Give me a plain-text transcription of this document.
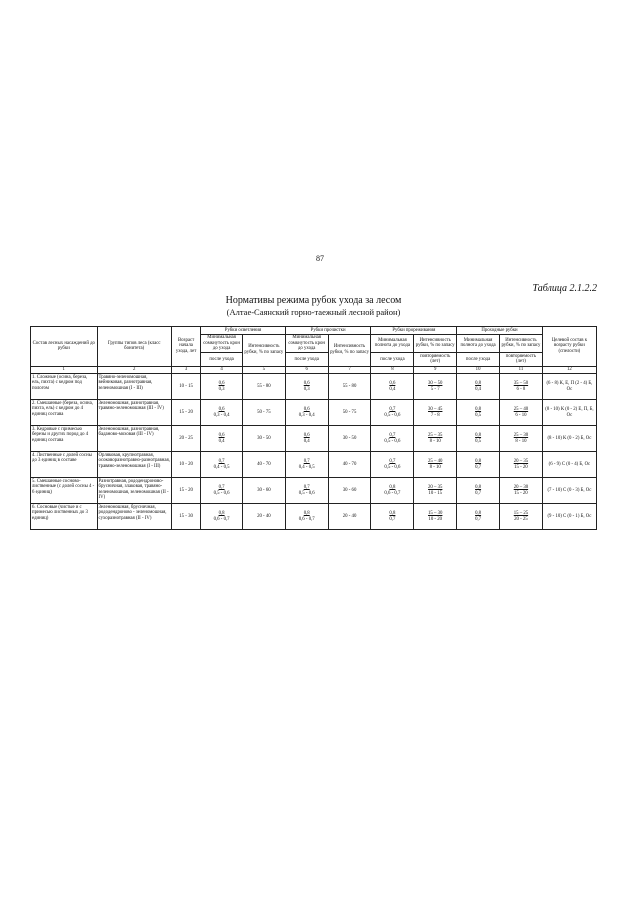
87
Таблица 2.1.2.2
Нормативы режима рубок ухода за лесом
(Алтае-Саянский горно-таежный лесной район)
Состав лесных насаждений до рубки	Группы типов леса (класс бонитета)	Возраст начала ухода, лет	Рубки осветления		Рубки прочистки		Рубки прореживания		Проходные рубки		Целевой состав к возрасту рубки (спелости)
			Минимальная сомкнутость крон до ухода	Интенсивность рубки, % по запасу	Минимальная сомкнутость крон до ухода	Интенсивность рубки, % по запасу	Минимальная полнота до ухода	Интенсивность рубки, % по запасу	Минимальная полнота до ухода	Интенсивность рубки, % по запасу	
			после ухода		после ухода		после ухода	повторяемость (лет)	после ухода	повторяемость (лет)	
1	2	3	4	5	6	7	8	9	10	11	12
1. Сложные (осина, береза, ель, пихта) с кедром под пологом	Травяно-зеленомошная, вейниковая, разнотравная, зеленомошная (I - III)	10 - 15	$\frac{0,6}{0,3}$	55 - 80	$\frac{0,6}{0,3}$	55 - 80	$\frac{0,6}{0,4}$	$\frac{30 - 50}{5 - 7}$	$\frac{0,8}{0,4}$	$\frac{35 - 50}{6 - 8}$	(6 - 8) К, Е, П (2 - 4) Б, Ос
2. Смешанные (береза, осина, пихта, ель) с кедром до 4 единиц состава	Зеленомошная, разнотравная, травяно-зеленомошная (III - IV)	15 - 20	$\frac{0,6}{0,3 - 0,4}$	50 - 75	$\frac{0,6}{0,3 - 0,4}$	50 - 75	$\frac{0,7}{0,5 - 0,6}$	$\frac{30 - 45}{7 - 8}$	$\frac{0,8}{0,5}$	$\frac{25 - 40}{6 - 10}$	(8 - 10) К (0 - 2) Е, П, Б, Ос
3. Кедровые с примесью березы и других пород до 4 единиц состава	Зеленомошная, разнотравная, баданово-моховая (III - IV)	20 - 25	$\frac{0,6}{0,4}$	30 - 50	$\frac{0,6}{0,4}$	30 - 50	$\frac{0,7}{0,5 - 0,6}$	$\frac{25 - 35}{8 - 10}$	$\frac{0,8}{0,5}$	$\frac{25 - 30}{8 - 10}$	(8 - 10) К (0 - 2) Б, Ос
4. Лиственные с долей сосны до 3 единиц в составе	Орляковая, крупнотравная, осоковоразнотравно-разнотравная, травяно-зеленомошная (I - III)	10 - 20	$\frac{0,7}{0,4 - 0,5}$	40 - 70	$\frac{0,7}{0,4 - 0,5}$	40 - 70	$\frac{0,7}{0,5 - 0,6}$	$\frac{25 - 40}{8 - 10}$	$\frac{0,8}{0,7}$	$\frac{20 - 35}{15 - 20}$	(6 - 9) С (0 - 4) Б, Ос
5. Смешанные сосново-лиственные (с долей сосны 4 - 6 единиц)	Разнотравная, рододендроново-брусничная, злаковая, травяно-зеленомошная, зеленомошная (II - IV)	15 - 20	$\frac{0,7}{0,5 - 0,6}$	30 - 60	$\frac{0,7}{0,5 - 0,6}$	30 - 60	$\frac{0,8}{0,6 - 0,7}$	$\frac{20 - 35}{10 - 15}$	$\frac{0,8}{0,7}$	$\frac{20 - 30}{15 - 20}$	(7 - 10) С (0 - 3) Б, Ос
6. Сосновые (чистые и с примесью лиственных до 3 единиц)	Зеленомошная, брусничная, рододендроново - зеленомошная, сухоразнотравная (II - IV)	15 - 30	$\frac{0,8}{0,6 - 0,7}$	20 - 40	$\frac{0,8}{0,6 - 0,7}$	20 - 40	$\frac{0,8}{0,7}$	$\frac{15 - 30}{10 - 20}$	$\frac{0,8}{0,7}$	$\frac{15 - 25}{20 - 25}$	(9 - 10) С (0 - 1) Б, Ос
